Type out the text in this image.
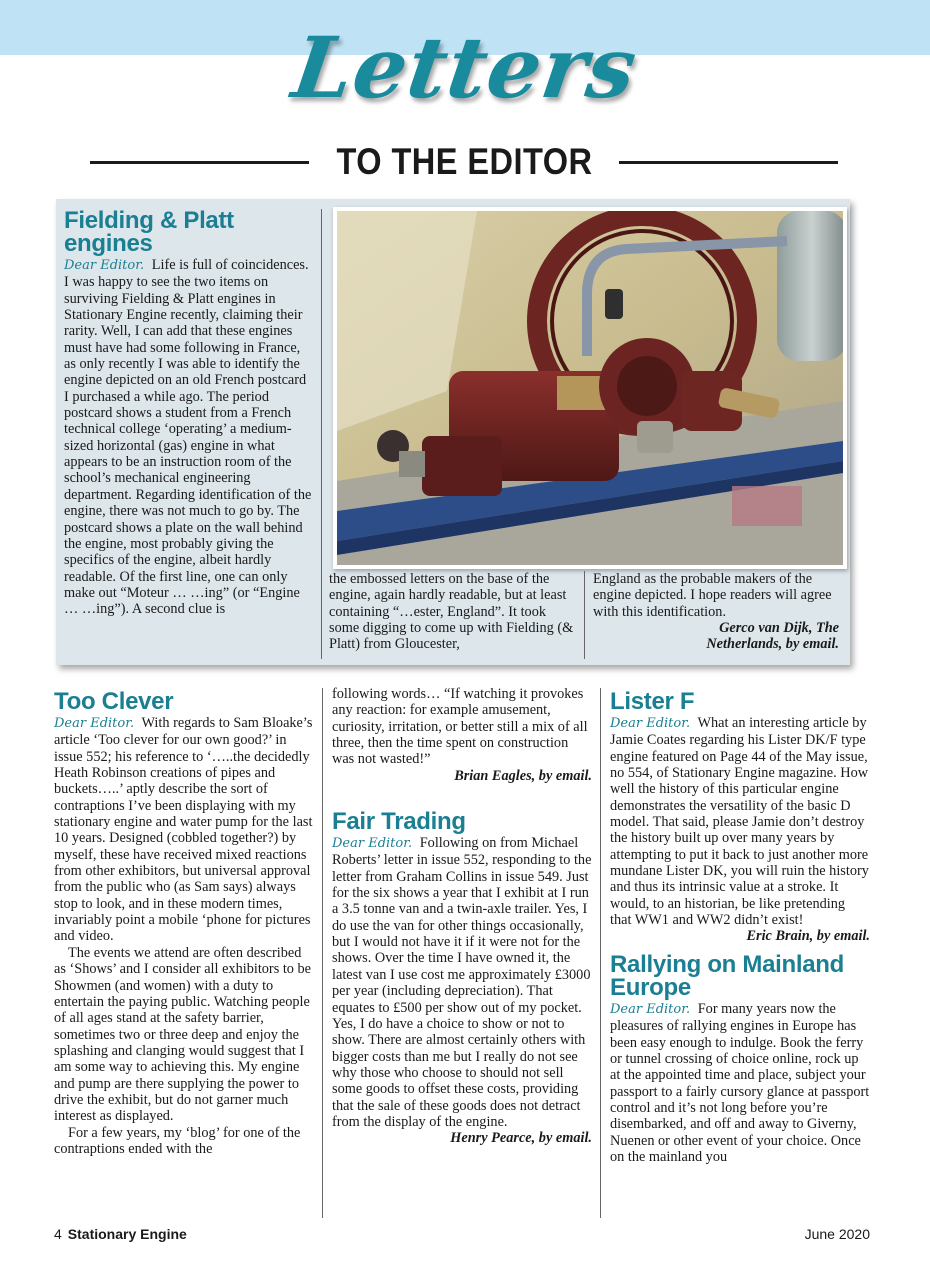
Letters
TO THE EDITOR
Fielding & Platt engines

Dear Editor. Life is full of coincidences. I was happy to see the two items on surviving Fielding & Platt engines in Stationary Engine recently, claiming their rarity. Well, I can add that these engines must have had some following in France, as only recently I was able to identify the engine depicted on an old French postcard I purchased a while ago. The period postcard shows a student from a French technical college ‘operating’ a medium-sized horizontal (gas) engine in what appears to be an instruction room of the school’s mechanical engineering department. Regarding identification of the engine, there was not much to go by. The postcard shows a plate on the wall behind the engine, most probably giving the specifics of the engine, albeit hardly readable. Of the first line, one can only make out “Moteur … …ing” (or “Engine … …ing”). A second clue is

the embossed letters on the base of the engine, again hardly readable, but at least containing “…ester, England”. It took some digging to come up with Fielding (& Platt) from Gloucester,

England as the probable makers of the engine depicted. I hope readers will agree with this identification.

Gerco van Dijk, The

Netherlands, by email.

Too Clever

Dear Editor. With regards to Sam Bloake’s article ‘Too clever for our own good?’ in issue 552; his reference to ‘…..the decidedly Heath Robinson creations of pipes and buckets…..’ aptly describe the sort of contraptions I’ve been displaying with my stationary engine and water pump for the last 10 years. Designed (cobbled together?) by myself, these have received mixed reactions from other exhibitors, but universal approval from the public who (as Sam says) always stop to look, and in these modern times, invariably point a mobile ‘phone for pictures and video.

The events we attend are often described as ‘Shows’ and I consider all exhibitors to be Showmen (and women) with a duty to entertain the paying public. Watching people of all ages stand at the safety barrier, sometimes two or three deep and enjoy the splashing and clanging would suggest that I am some way to achieving this. My engine and pump are there supplying the power to drive the exhibit, but do not garner much interest as displayed.

For a few years, my ‘blog’ for one of the contraptions ended with the

following words… “If watching it provokes any reaction: for example amusement, curiosity, irritation, or better still a mix of all three, then the time spent on construction was not wasted!”

Brian Eagles, by email.

Fair Trading

Dear Editor. Following on from Michael Roberts’ letter in issue 552, responding to the letter from Graham Collins in issue 549. Just for the six shows a year that I exhibit at I run a 3.5 tonne van and a twin-axle trailer. Yes, I do use the van for other things occasionally, but I would not have it if it were not for the shows. Over the time I have owned it, the latest van I use cost me approximately £3000 per year (including depreciation). That equates to £500 per show out of my pocket. Yes, I do have a choice to show or not to show. There are almost certainly others with bigger costs than me but I really do not see why those who choose to should not sell some goods to offset these costs, providing that the sale of these goods does not detract from the display of the engine.

Henry Pearce, by email.

Lister F

Dear Editor. What an interesting article by Jamie Coates regarding his Lister DK/F type engine featured on Page 44 of the May issue, no 554, of Stationary Engine magazine. How well the history of this particular engine demonstrates the versatility of the basic D model. That said, please Jamie don’t destroy the history built up over many years by attempting to put it back to just another more mundane Lister DK, you will ruin the history and thus its intrinsic value at a stroke. It would, to an historian, be like pretending that WW1 and WW2 didn’t exist!

Eric Brain, by email.

Rallying on Mainland Europe

Dear Editor. For many years now the pleasures of rallying engines in Europe has been easy enough to indulge. Book the ferry or tunnel crossing of choice online, rock up at the appointed time and place, subject your passport to a fairly cursory glance at passport control and it’s not long before you’re disembarked, and off and away to Giverny, Nuenen or other event of your choice. Once on the mainland you

4 Stationary Engine	June 2020
